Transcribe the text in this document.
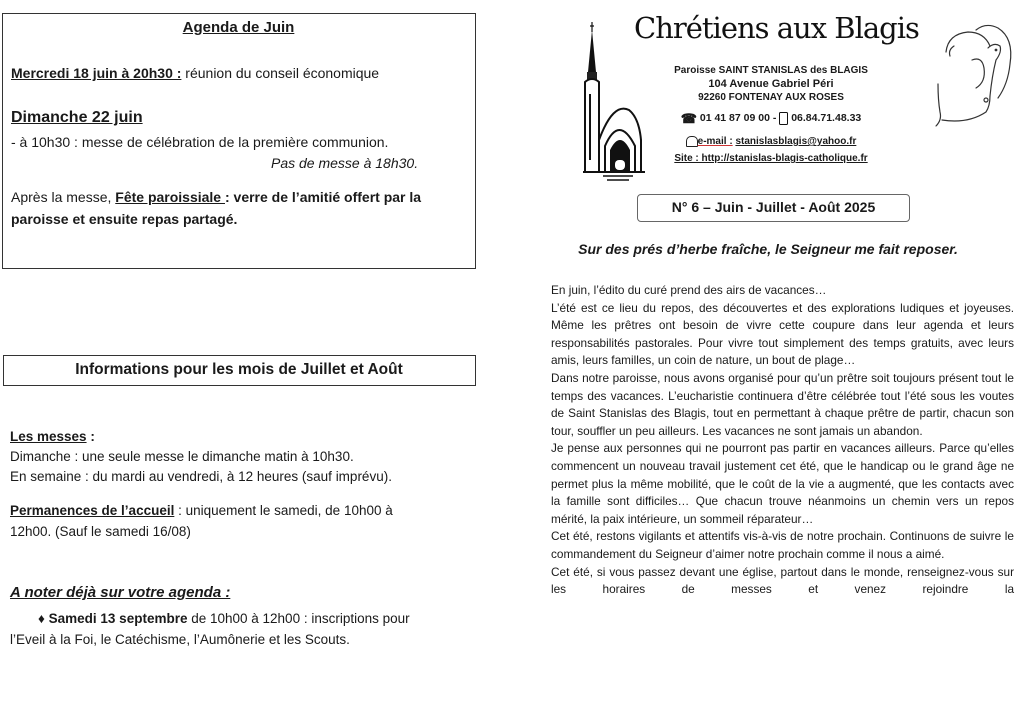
Agenda de Juin
Mercredi 18 juin à 20h30 : réunion du conseil économique
Dimanche 22 juin
- à 10h30 : messe de célébration de la première communion.
Pas de messe à 18h30.
Après la messe, Fête paroissiale : verre de l’amitié offert par la paroisse et ensuite repas partagé.
Informations pour les mois de Juillet et Août
Les messes :
Dimanche : une seule messe le dimanche matin à 10h30.
En semaine : du mardi au vendredi, à 12 heures (sauf imprévu).
Permanences de l’accueil : uniquement le samedi, de 10h00 à
12h00. (Sauf le samedi 16/08)
A noter déjà sur votre agenda :
♦ Samedi 13 septembre de 10h00 à 12h00 : inscriptions pour
l’Eveil à la Foi, le Catéchisme, l’Aumônerie et les Scouts.
Chrétiens aux Blagis
Paroisse SAINT STANISLAS des BLAGIS
104 Avenue Gabriel Péri
92260 FONTENAY AUX ROSES
☎ 01 41 87 09 00 -  06.84.71.48.33
e-mail : stanislasblagis@yahoo.fr
Site : http://stanislas-blagis-catholique.fr
N° 6 – Juin - Juillet - Août 2025
Sur des prés d’herbe fraîche, le Seigneur me fait reposer.

En juin, l’édito du curé prend des airs de vacances…

L’été est ce lieu du repos, des découvertes et des explorations ludiques et joyeuses. Même les prêtres ont besoin de vivre cette coupure dans leur agenda et leurs responsabilités pastorales. Pour vivre tout simplement des temps gratuits, avec leurs amis, leurs familles, un coin de nature, un bout de plage…

Dans notre paroisse, nous avons organisé pour qu’un prêtre soit toujours présent tout le temps des vacances. L’eucharistie continuera d’être célébrée tout l’été sous les voutes de Saint Stanislas des Blagis, tout en permettant à chaque prêtre de partir, chacun son tour, souffler un peu ailleurs. Les vacances ne sont jamais un abandon.

Je pense aux personnes qui ne pourront pas partir en vacances ailleurs. Parce qu’elles commencent un nouveau travail justement cet été, que le handicap ou le grand âge ne permet plus la même mobilité, que le coût de la vie a augmenté, que les contacts avec la famille sont difficiles… Que chacun trouve néanmoins un chemin vers un repos mérité, la paix intérieure, un sommeil réparateur…

Cet été, restons vigilants et attentifs vis-à-vis de notre prochain. Continuons de suivre le commandement du Seigneur d’aimer notre prochain comme il nous a aimé.

Cet été, si vous passez devant une église, partout dans le monde, renseignez-vous sur les horaires de messes et venez rejoindre la
